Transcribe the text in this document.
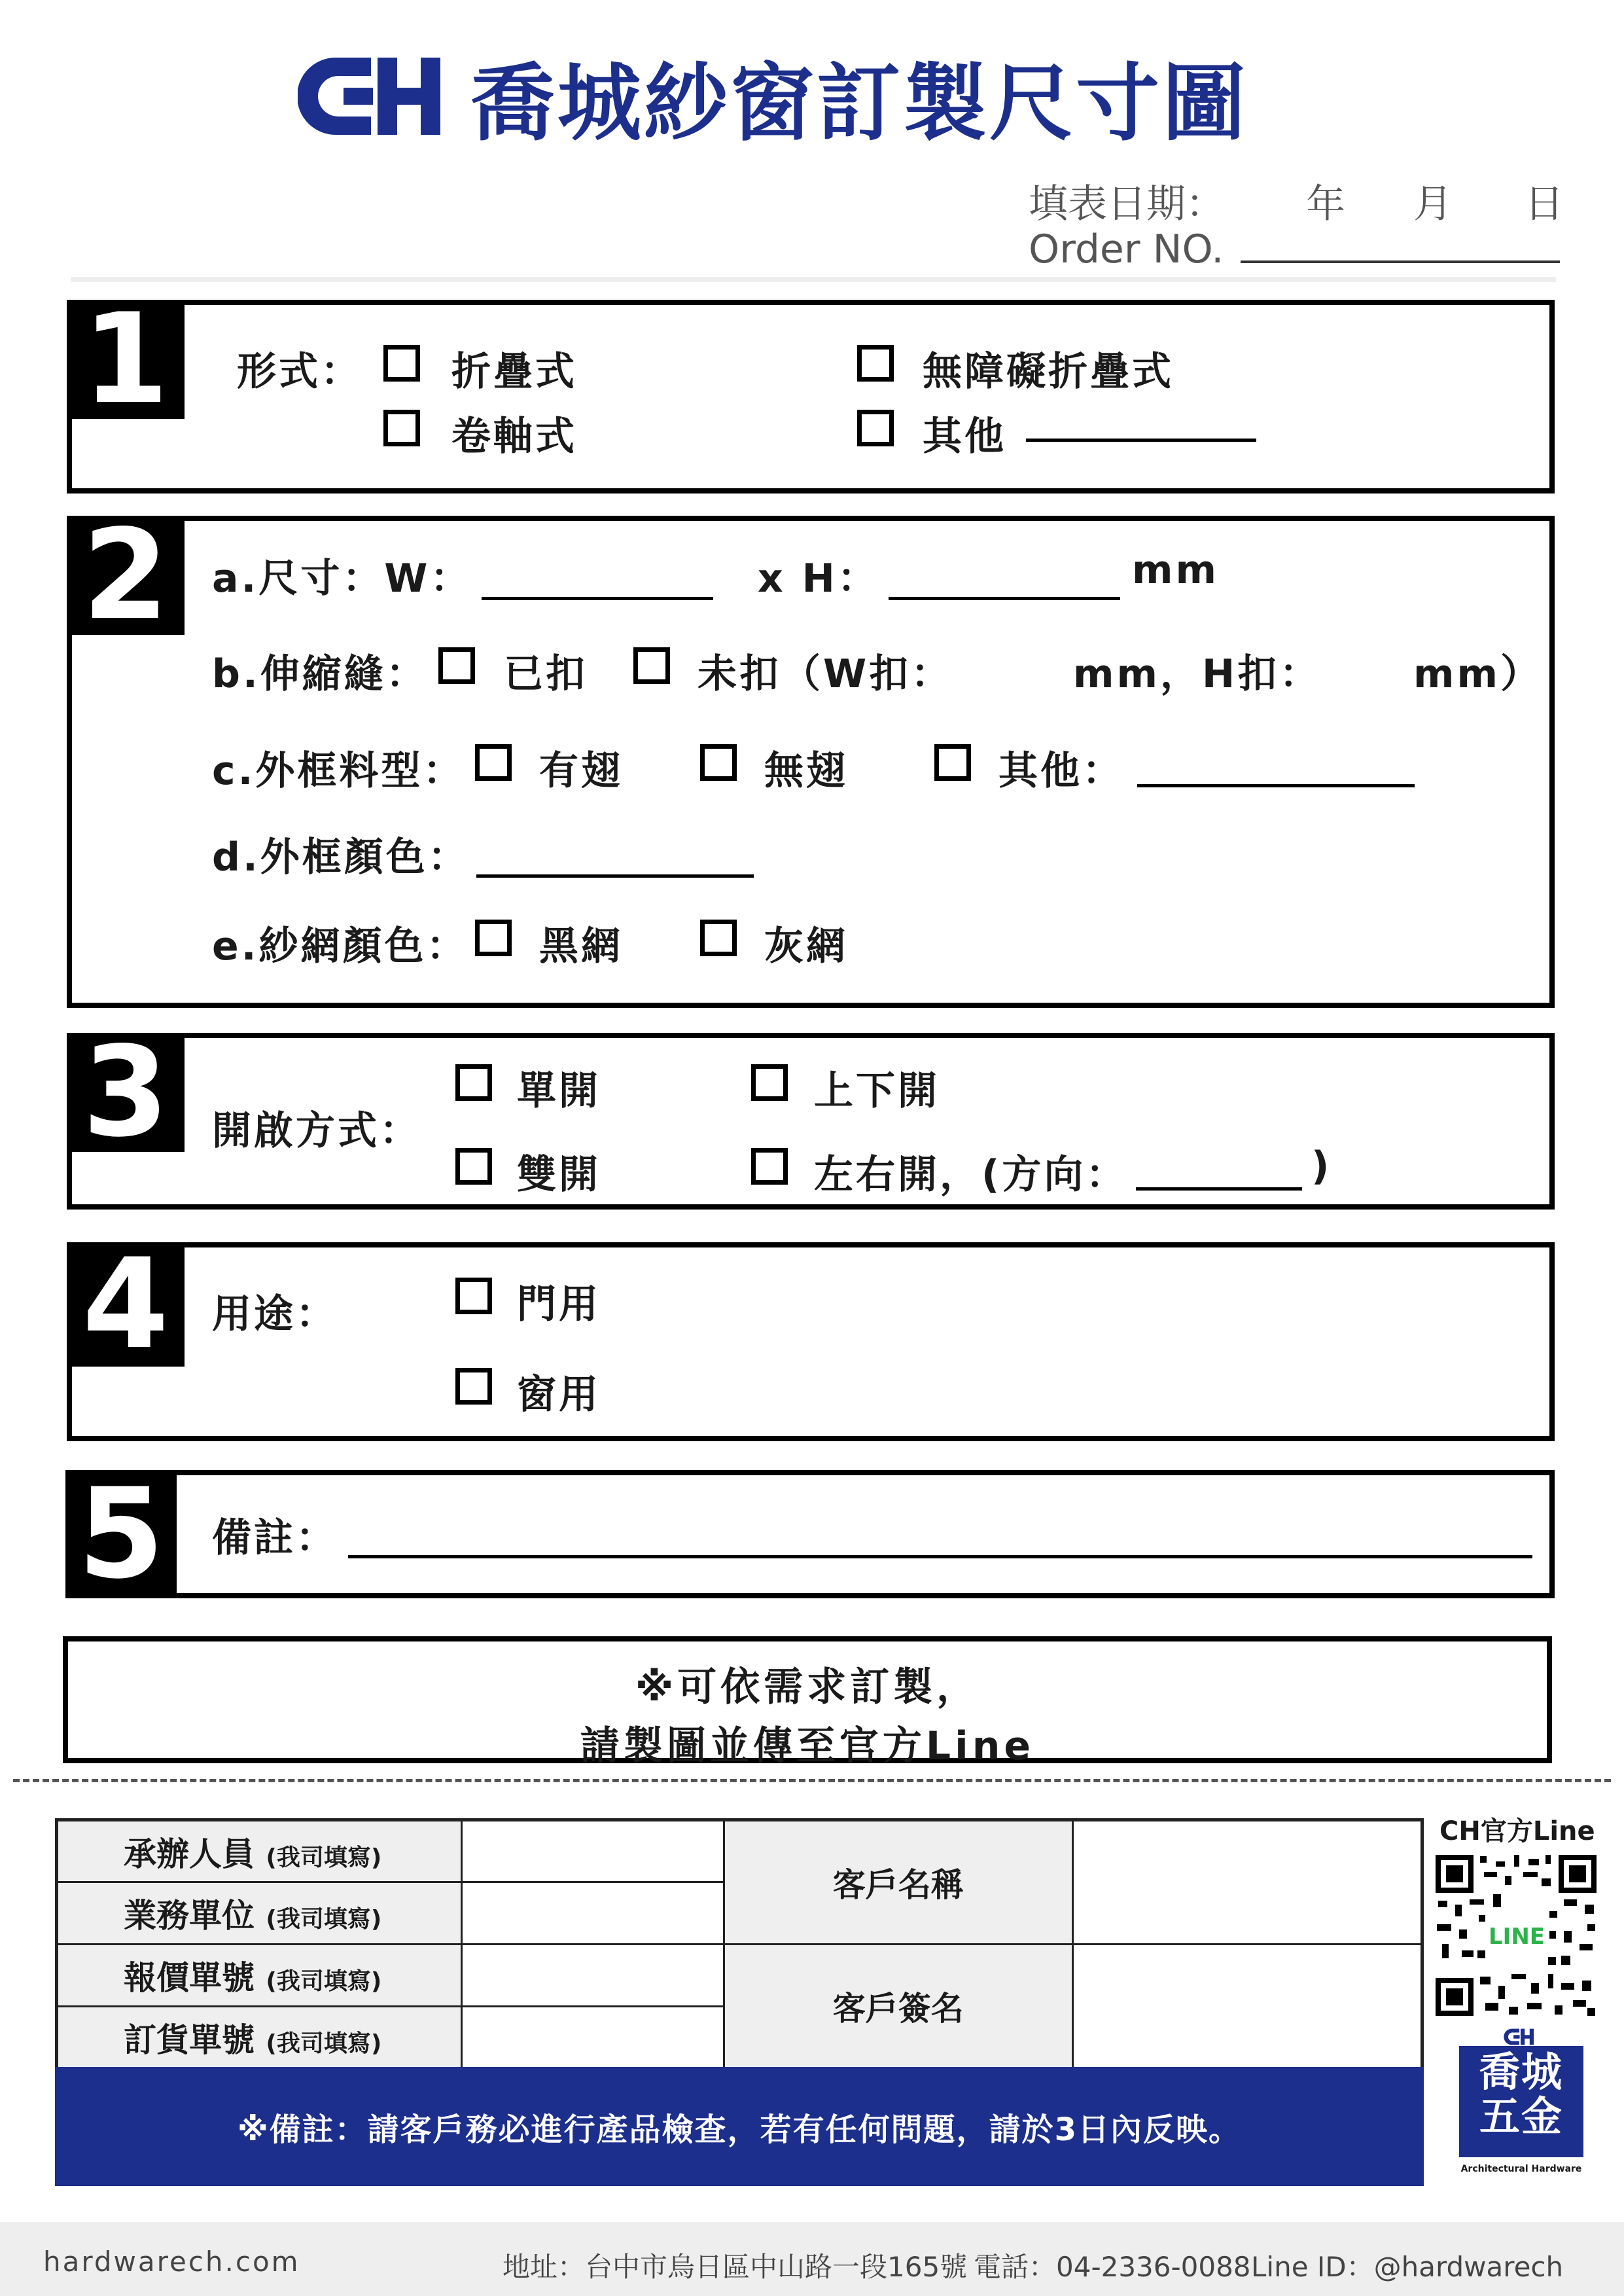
喬城紗窗訂製尺寸圖
填表日期： 年 月 日
Order NO.
1	形式： 折疊式	無障礙折疊式
卷軸式	其他
2	a.尺寸：W：	x H：	mm
b.伸縮縫： 已扣	未扣（W扣：	mm，H扣： mm）
c.外框料型： 有翅	無翅	其他：
d.外框顏色：
e.紗網顏色： 黑網	灰網
3	開啟方式：
單開	上下開
雙開	左右開，(方向：	)
4	用途：	門用
窗用
5	備註：
※可依需求訂製，
請製圖並傳至官方Line
承辦人員 (我司填寫)		客戶名稱	
業務單位 (我司填寫)			
報價單號 (我司填寫)		客戶簽名	
訂貨單號 (我司填寫)			
※備註：請客戶務必進行產品檢查，若有任何問題，請於3日內反映。
CH官方Line
LINE
喬城
五金
Architectural Hardware
hardwarech.com	地址：台中市烏日區中山路一段165號 電話：04-2336-0088 Line ID：@hardwarech
